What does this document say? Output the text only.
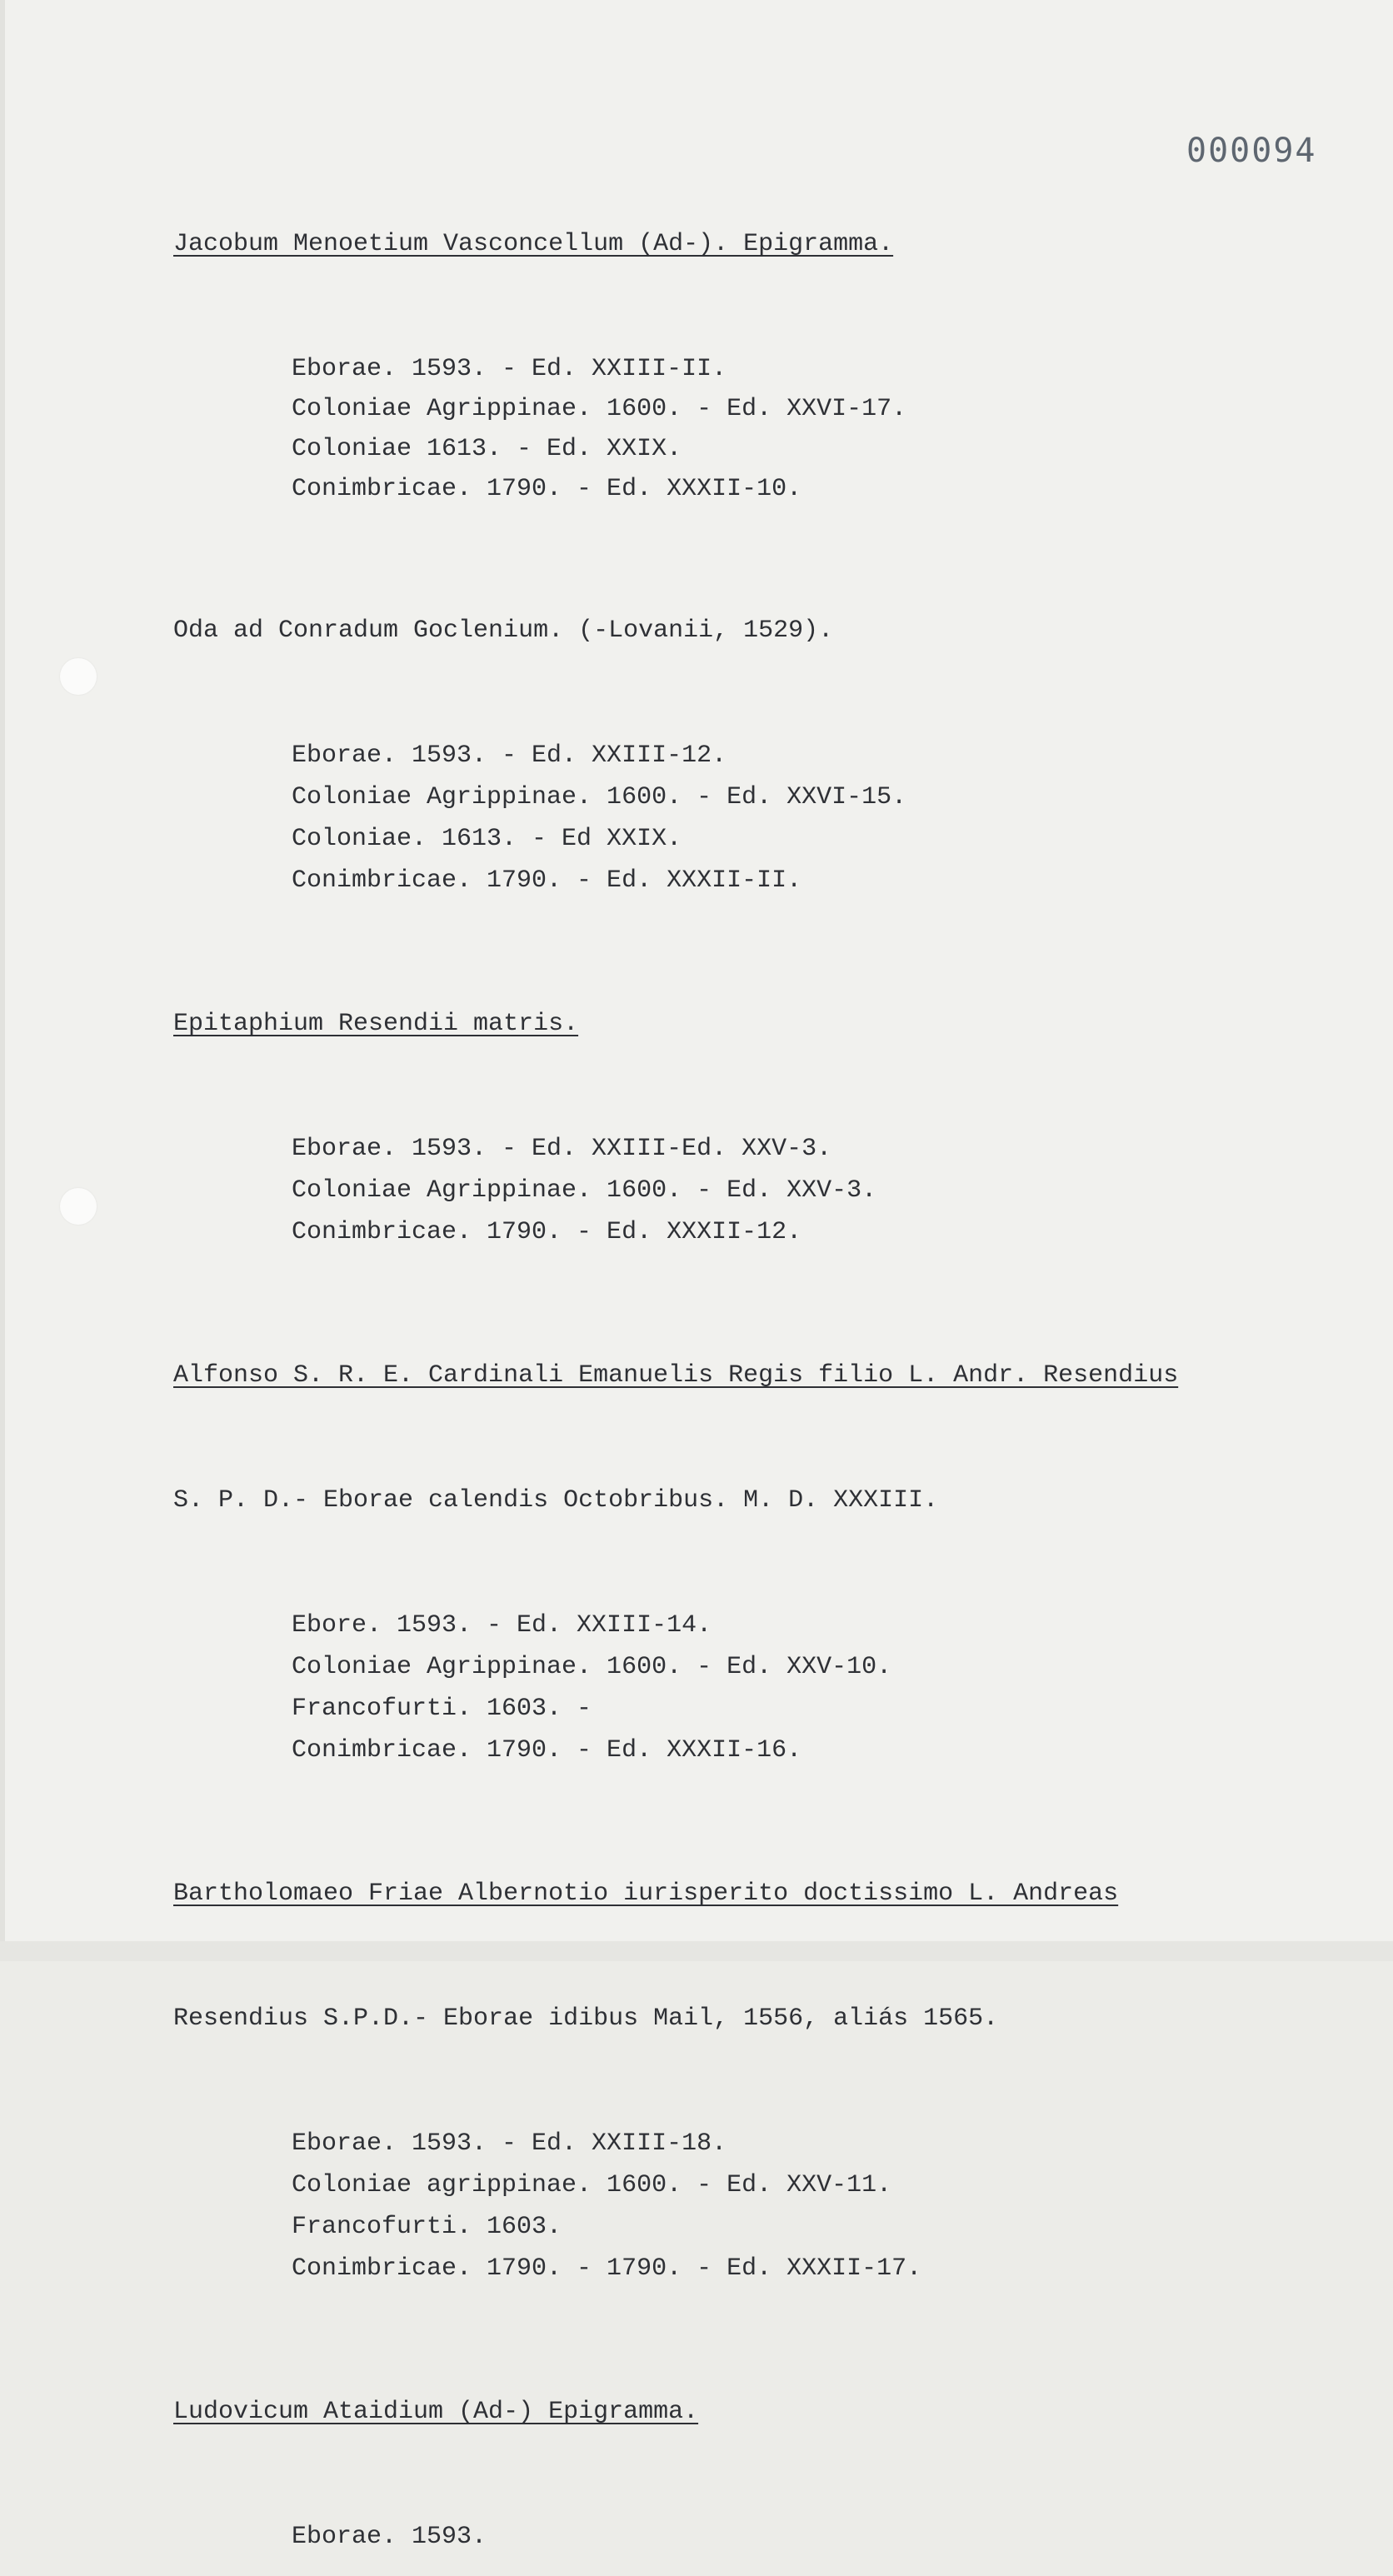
000094

Jacobum Menoetium Vasconcellum (Ad-). Epigramma.

Eborae. 1593. - Ed. XXIII-II.
Coloniae Agrippinae. 1600. - Ed. XXVI-17.
Coloniae 1613. - Ed. XXIX.
Conimbricae. 1790. - Ed. XXXII-10.

Oda ad Conradum Goclenium. (-Lovanii, 1529).

Eborae. 1593. - Ed. XXIII-12.
Coloniae Agrippinae. 1600. - Ed. XXVI-15.
Coloniae. 1613. - Ed XXIX.
Conimbricae. 1790. - Ed. XXXII-II.

Epitaphium Resendii matris.

Eborae. 1593. - Ed. XXIII-Ed. XXV-3.
Coloniae Agrippinae. 1600. - Ed. XXV-3.
Conimbricae. 1790. - Ed. XXXII-12.

Alfonso S. R. E. Cardinali Emanuelis Regis filio L. Andr. Resendius

S. P. D.- Eborae calendis Octobribus. M. D. XXXIII.

Ebore. 1593. - Ed. XXIII-14.
Coloniae Agrippinae. 1600. - Ed. XXV-10.
Francofurti. 1603. -
Conimbricae. 1790. - Ed. XXXII-16.

Bartholomaeo Friae Albernotio iurisperito doctissimo L. Andreas

Resendius S.P.D.- Eborae idibus Mail, 1556, aliás 1565.

Eborae. 1593. - Ed. XXIII-18.
Coloniae agrippinae. 1600. - Ed. XXV-11.
Francofurti. 1603.
Conimbricae. 1790. - 1790. - Ed. XXXII-17.

Ludovicum Ataidium (Ad-) Epigramma.

Eborae. 1593.
